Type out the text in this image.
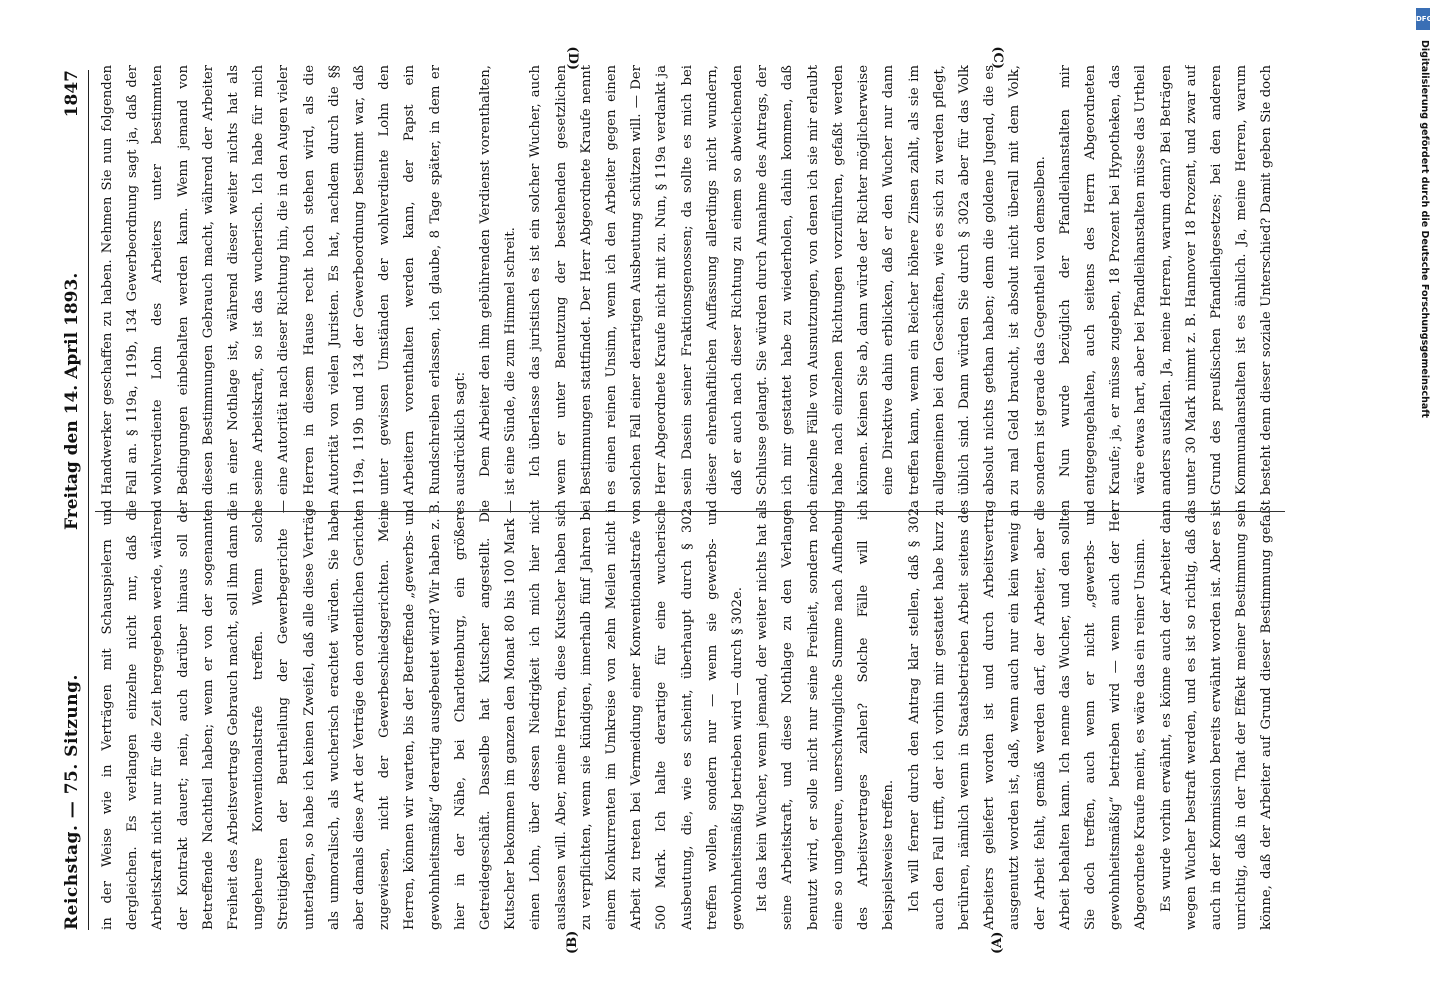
Reichstag. — 75. Sitzung.
Freitag den 14. April 1893.
1847
(A)
(B)
(C)
(D)

in der Weise wie in Verträgen mit Schauspielern und dergleichen. Es verlangen einzelne nicht nur, daß die Arbeitskraft nicht nur für die Zeit hergegeben werde, während der Kontrakt dauert; nein, auch darüber hinaus soll der Betreffende Nachtheil haben; wenn er von der sogenannten Freiheit des Arbeitsvertrags Gebrauch macht, soll ihm dann die ungeheure Konventionalstrafe treffen. Wenn solche Streitigkeiten der Beurtheilung der Gewerbegerichte — unterlagen, so habe ich keinen Zweifel, daß alle diese Verträge als unmoralisch, als wucherisch erachtet würden. Sie haben aber damals diese Art der Verträge den ordentlichen Gerichten zugewiesen, nicht der Gewerbeschiedsgerichten. Meine Herren, können wir warten, bis der Betreffende „gewerbs- und gewohnheitsmäßig“ derartig ausgebeutet wird? Wir haben z. B. hier in der Nähe, bei Charlottenburg, ein größeres Getreidegeschäft. Dasselbe hat Kutscher angestellt. Die Kutscher bekommen im ganzen den Monat 80 bis 100 Mark — einen Lohn, über dessen Niedrigkeit ich mich hier nicht auslassen will. Aber, meine Herren, diese Kutscher haben sich zu verpflichten, wenn sie kündigen, innerhalb fünf Jahren bei einem Konkurrenten im Umkreise von zehn Meilen nicht in Arbeit zu treten bei Vermeidung einer Konventionalstrafe von 500 Mark. Ich halte derartige für eine wucherische Ausbeutung, die, wie es scheint, überhaupt durch § 302a treffen wollen, sondern nur — wenn sie gewerbs- und gewohnheitsmäßig betrieben wird — durch § 302e. Ist das kein Wucher, wenn jemand, der weiter nichts hat als seine Arbeitskraft, und diese Nothlage zu den Verlangen benutzt wird, er solle nicht nur seine Freiheit, sondern noch eine so ungeheure, unerschwingliche Summe nach Aufhebung des Arbeitsvertrages zahlen? Solche Fälle will ich beispielsweise treffen. Ich will ferner durch den Antrag klar stellen, daß § 302a auch den Fall trifft, der ich vorhin mir gestattet habe kurz zu berühren, nämlich wenn in Staatsbetrieben Arbeit seitens des Arbeiters geliefert worden ist und durch Arbeitsvertrag ausgenutzt worden ist, daß, wenn auch nur ein kein wenig an der Arbeit fehlt, gemäß werden darf, der Arbeiter, aber die Arbeit behalten kann. Ich nenne das Wucher, und den sollten Sie doch treffen, auch wenn er nicht „gewerbs- und gewohnheitsmäßig“ betrieben wird — wenn auch der Herr Abgeordnete Kraufe meint, es wäre das ein reiner Unsinn. Es wurde vorhin erwähnt, es könne auch der Arbeiter dann wegen Wucher bestraft werden, und es ist so richtig, daß das auch in der Kommission bereits erwähnt worden ist. Aber es ist unrichtig, daß in der That der Effekt meiner Bestimmung sein könne, daß der Arbeiter auf Grund dieser Bestimmung gefaßt

Handwerker geschaffen zu haben. Nehmen Sie nun folgenden Fall an. § 119a, 119b, 134 Gewerbeordnung sagt ja, daß der wohlverdiente Lohn des Arbeiters unter bestimmten Bedingungen einbehalten werden kann. Wenn jemand von diesen Bestimmungen Gebrauch macht, während der Arbeiter in einer Nothlage ist, während dieser weiter nichts hat als seine Arbeitskraft, so ist das wucherisch. Ich habe für mich eine Autorität nach dieser Richtung hin, die in den Augen vieler Herren in diesem Hause recht hoch stehen wird, als die Autorität von vielen Juristen. Es hat, nachdem durch die §§ 119a, 119b und 134 der Gewerbeordnung bestimmt war, daß unter gewissen Umständen der wohlverdiente Lohn den Arbeitern vorenthalten werden kann, der Papst ein Rundschreiben erlassen, ich glaube, 8 Tage später, in dem er ausdrücklich sagt: Dem Arbeiter den ihm gebührenden Verdienst vorenthalten, ist eine Sünde, die zum Himmel schreit. Ich überlasse das juristisch es ist ein solcher Wucher, auch wenn er unter Benutzung der bestehenden gesetzlichen Bestimmungen stattfindet. Der Herr Abgeordnete Kraufe nennt es einen reinen Unsinn, wenn ich den Arbeiter gegen einen solchen Fall einer derartigen Ausbeutung schützen will. — Der Herr Abgeordnete Kraufe nicht mit zu. Nun, § 119a verdankt ja sein Dasein seiner Fraktionsgenossen; da sollte es mich bei dieser ehrenhaftlichen Auffassung allerdings nicht wundern, daß er auch nach dieser Richtung zu einem so abweichenden Schlusse gelangt. Sie würden durch Annahme des Antrags, der ich mir gestattet habe zu wiederholen, dahin kommen, daß einzelne Fälle von Ausnutzungen, von denen ich sie mir erlaubt habe nach einzelnen Richtungen vorzuführen, gefaßt werden können. Keinen Sie ab, dann würde der Richter möglicherweise eine Direktive dahin erblicken, daß er den Wucher nur dann treffen kann, wenn ein Reicher höhere Zinsen zahlt, als sie im allgemeinen bei den Geschäften, wie es sich zu werden pflegt, üblich sind. Dann würden Sie durch § 302a aber für das Volk absolut nichts gethan haben; denn die goldene Jugend, die es zu mal Geld braucht, ist absolut nicht überall mit dem Volk, sondern ist gerade das Gegentheil von demselben. Nun wurde bezüglich der Pfandleihanstalten mir entgegengehalten, auch seitens des Herrn Abgeordneten Kraufe; ja, er müsse zugeben, 18 Prozent bei Hypotheken, das wäre etwas hart, aber bei Pfandleihanstalten müsse das Urtheil anders ausfallen. Ja, meine Herren, warum denn? Bei Beträgen unter 30 Mark nimmt z. B. Hannover 18 Prozent, und zwar auf Grund des preußischen Pfandleihgesetzes; bei den anderen Kommunalanstalten ist es ähnlich. Ja, meine Herren, warum besteht denn dieser soziale Unterschied? Damit geben Sie doch

DFG
Digitalisierung gefördert durch die Deutsche Forschungsgemeinschaft
